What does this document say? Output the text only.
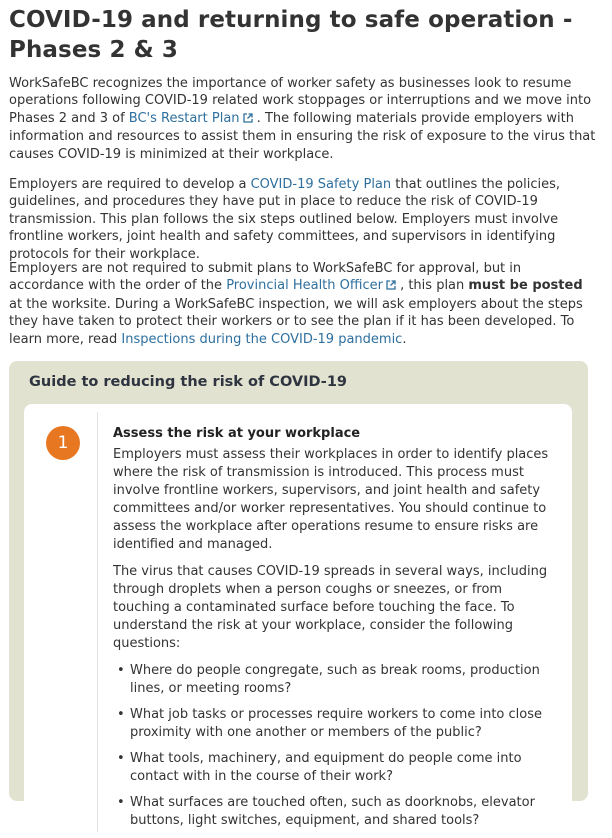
COVID-19 and returning to safe operation - Phases 2 & 3

WorkSafeBC recognizes the importance of worker safety as businesses look to resume operations following COVID-19 related work stoppages or interruptions and we move into Phases 2 and 3 of BC's Restart Plan . The following materials provide employers with information and resources to assist them in ensuring the risk of exposure to the virus that causes COVID-19 is minimized at their workplace.

Employers are required to develop a COVID-19 Safety Plan that outlines the policies, guidelines, and procedures they have put in place to reduce the risk of COVID-19 transmission. This plan follows the six steps outlined below. Employers must involve frontline workers, joint health and safety committees, and supervisors in identifying protocols for their workplace.

Employers are not required to submit plans to WorkSafeBC for approval, but in accordance with the order of the Provincial Health Officer , this plan must be posted at the worksite. During a WorkSafeBC inspection, we will ask employers about the steps they have taken to protect their workers or to see the plan if it has been developed. To learn more, read Inspections during the COVID-19 pandemic.

Guide to reducing the risk of COVID-19
1	Assess the risk at your workplace

Employers must assess their workplaces in order to identify places where the risk of transmission is introduced. This process must involve frontline workers, supervisors, and joint health and safety committees and/or worker representatives. You should continue to assess the workplace after operations resume to ensure risks are identified and managed.

The virus that causes COVID-19 spreads in several ways, including through droplets when a person coughs or sneezes, or from touching a contaminated surface before touching the face. To understand the risk at your workplace, consider the following questions:

• Where do people congregate, such as break rooms, production lines, or meeting rooms?
• What job tasks or processes require workers to come into close proximity with one another or members of the public?
• What tools, machinery, and equipment do people come into contact with in the course of their work?
• What surfaces are touched often, such as doorknobs, elevator buttons, light switches, equipment, and shared tools?
